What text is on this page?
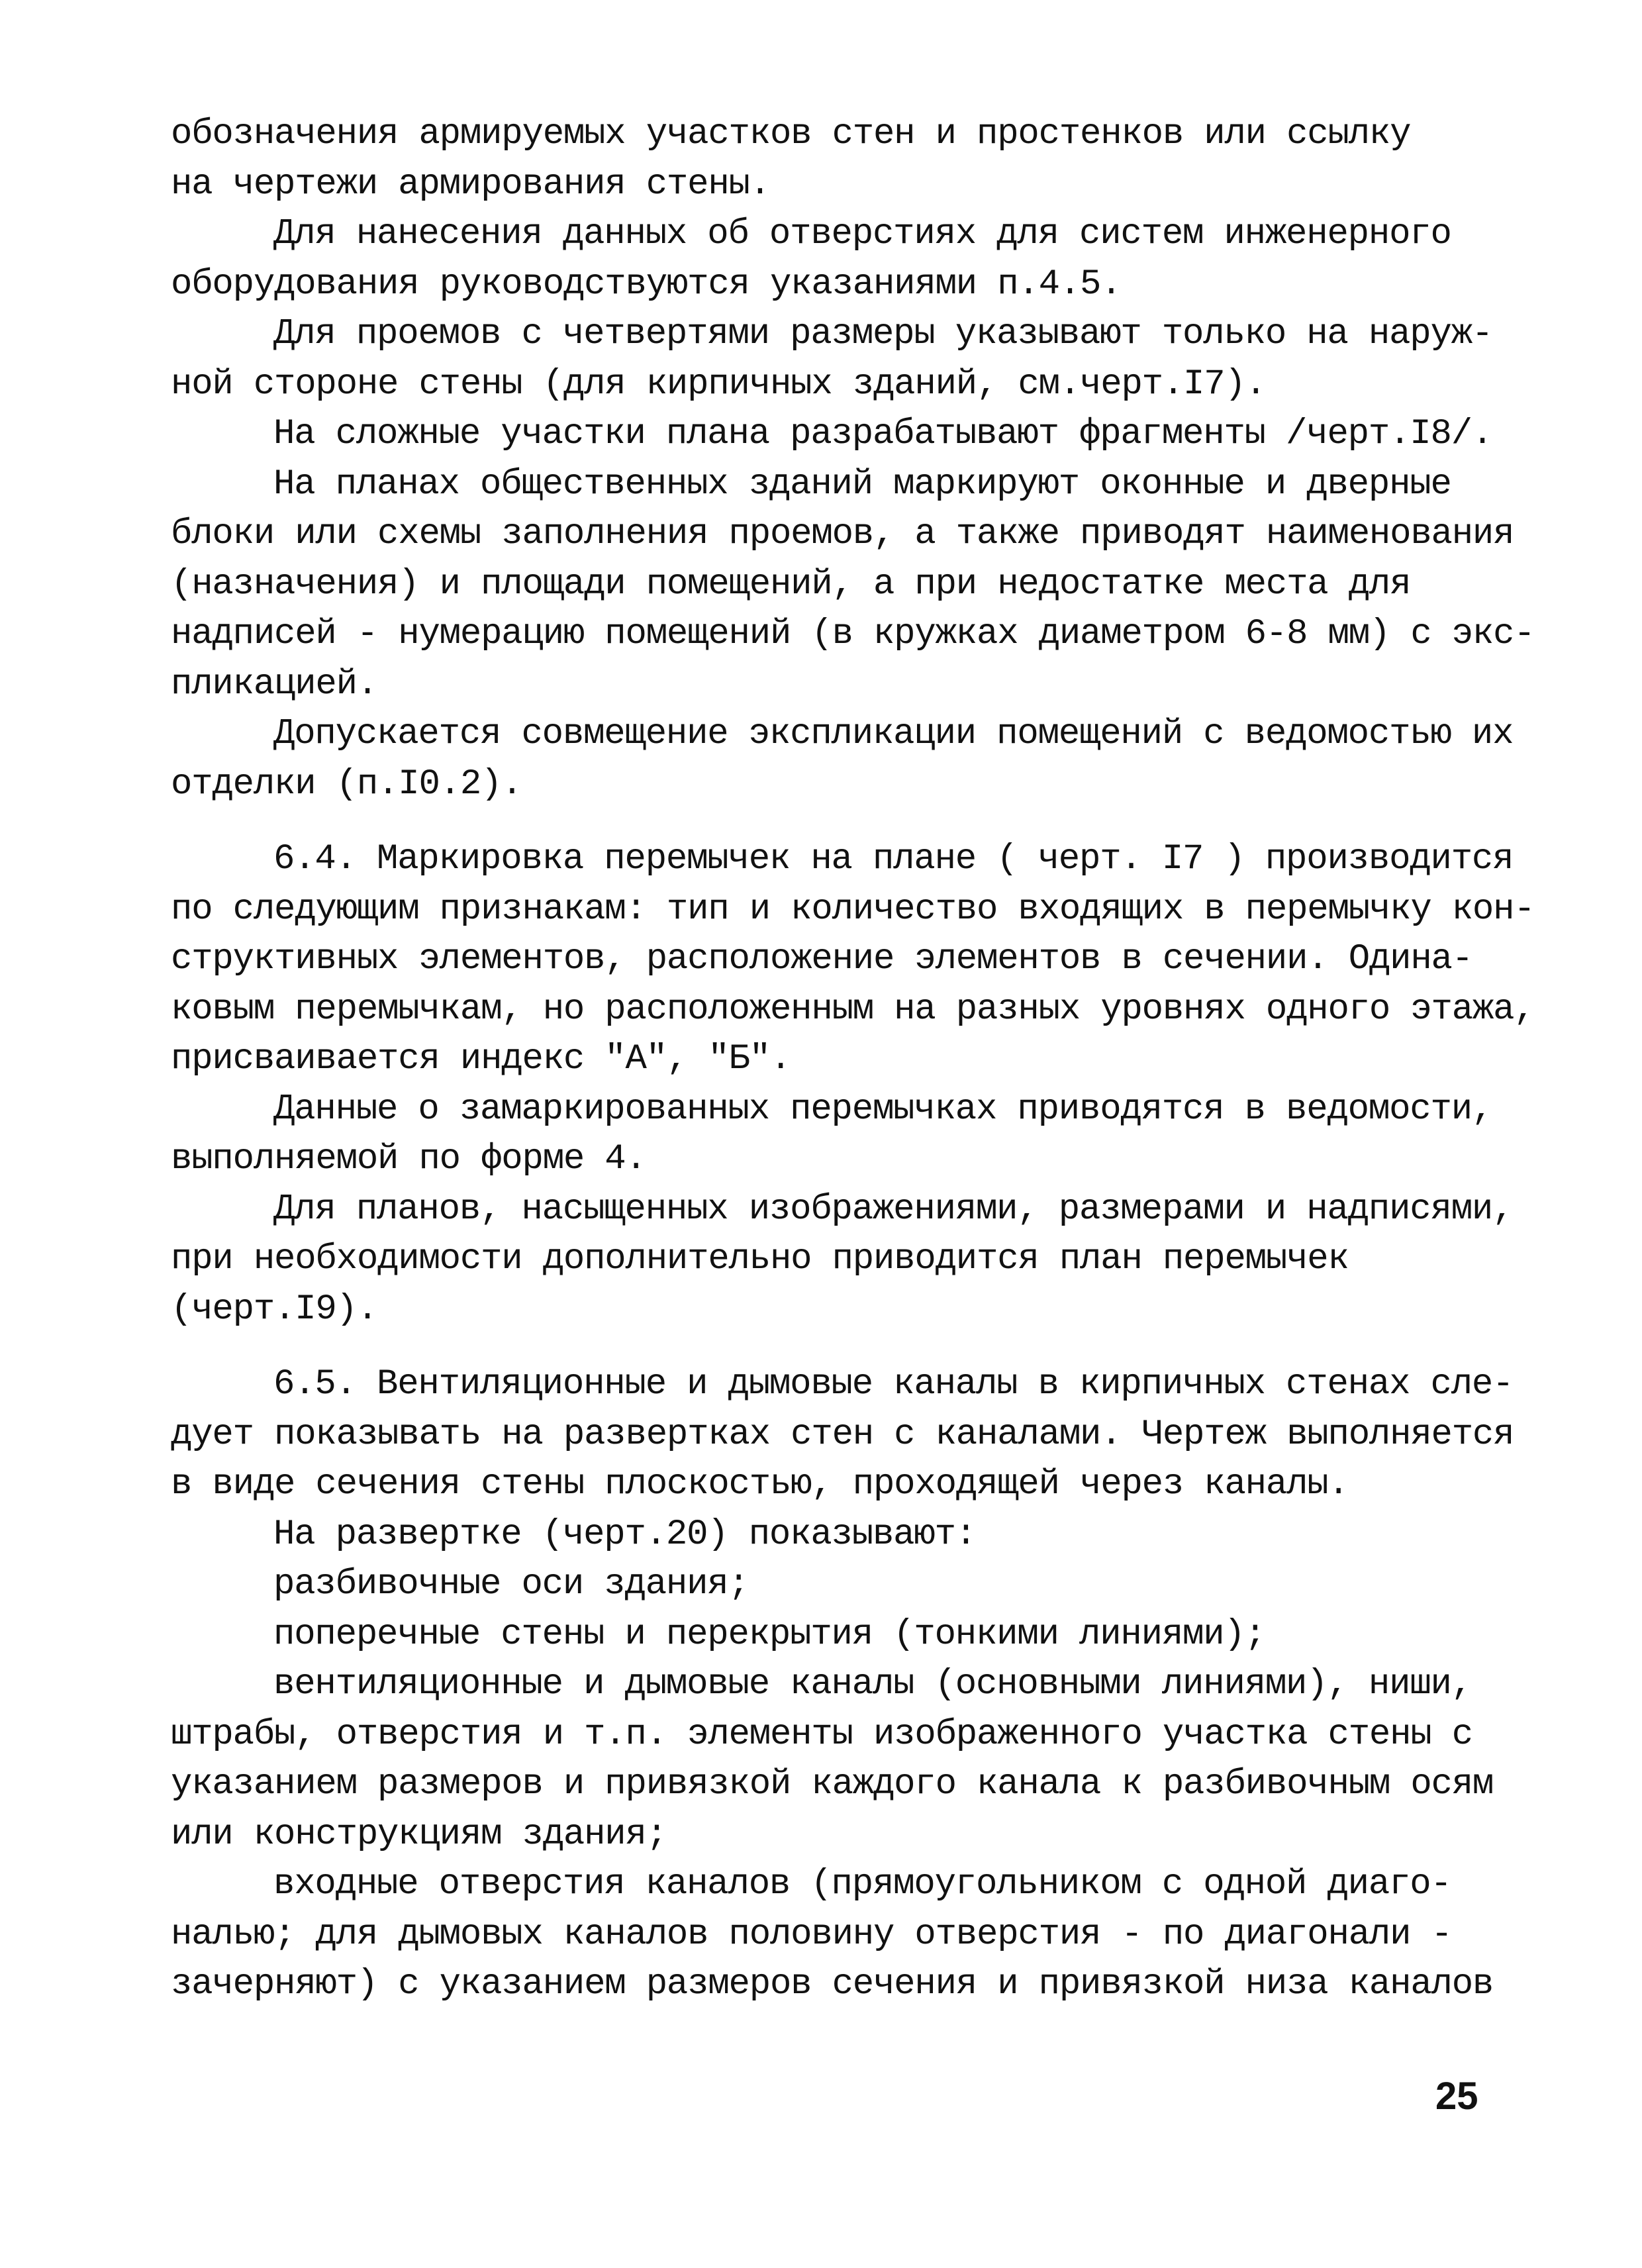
обозначения армируемых участков стен и простенков или ссылку
на чертежи армирования стены.
Для нанесения данных об отверстиях для систем инженерного
оборудования руководствуются указаниями п.4.5.
Для проемов с четвертями размеры указывают только на наруж-
ной стороне стены (для кирпичных зданий, см.черт.I7).
На сложные участки плана разрабатывают фрагменты /черт.I8/.
На планах общественных зданий маркируют оконные и дверные
блоки или схемы заполнения проемов, а также приводят наименования
(назначения) и площади помещений, а при недостатке места для
надписей - нумерацию помещений (в кружках диаметром 6-8 мм) с экс-
пликацией.
Допускается совмещение экспликации помещений с ведомостью их
отделки (п.I0.2).
6.4. Маркировка перемычек на плане ( черт. I7 ) производится
по следующим признакам: тип и количество входящих в перемычку кон-
структивных элементов, расположение элементов в сечении. Одина-
ковым перемычкам, но расположенным на разных уровнях одного этажа,
присваивается индекс "А", "Б".
Данные о замаркированных перемычках приводятся в ведомости,
выполняемой по форме 4.
Для планов, насыщенных изображениями, размерами и надписями,
при необходимости дополнительно приводится план перемычек
(черт.I9).
6.5. Вентиляционные и дымовые каналы в кирпичных стенах сле-
дует показывать на развертках стен с каналами. Чертеж выполняется
в виде сечения стены плоскостью, проходящей через каналы.
На развертке (черт.20) показывают:
разбивочные оси здания;
поперечные стены и перекрытия (тонкими линиями);
вентиляционные и дымовые каналы (основными линиями), ниши,
штрабы, отверстия и т.п. элементы изображенного участка стены с
указанием размеров и привязкой каждого канала к разбивочным осям
или конструкциям здания;
входные отверстия каналов (прямоугольником с одной диаго-
налью; для дымовых каналов половину отверстия - по диагонали -
зачерняют) с указанием размеров сечения и привязкой низа каналов
25
